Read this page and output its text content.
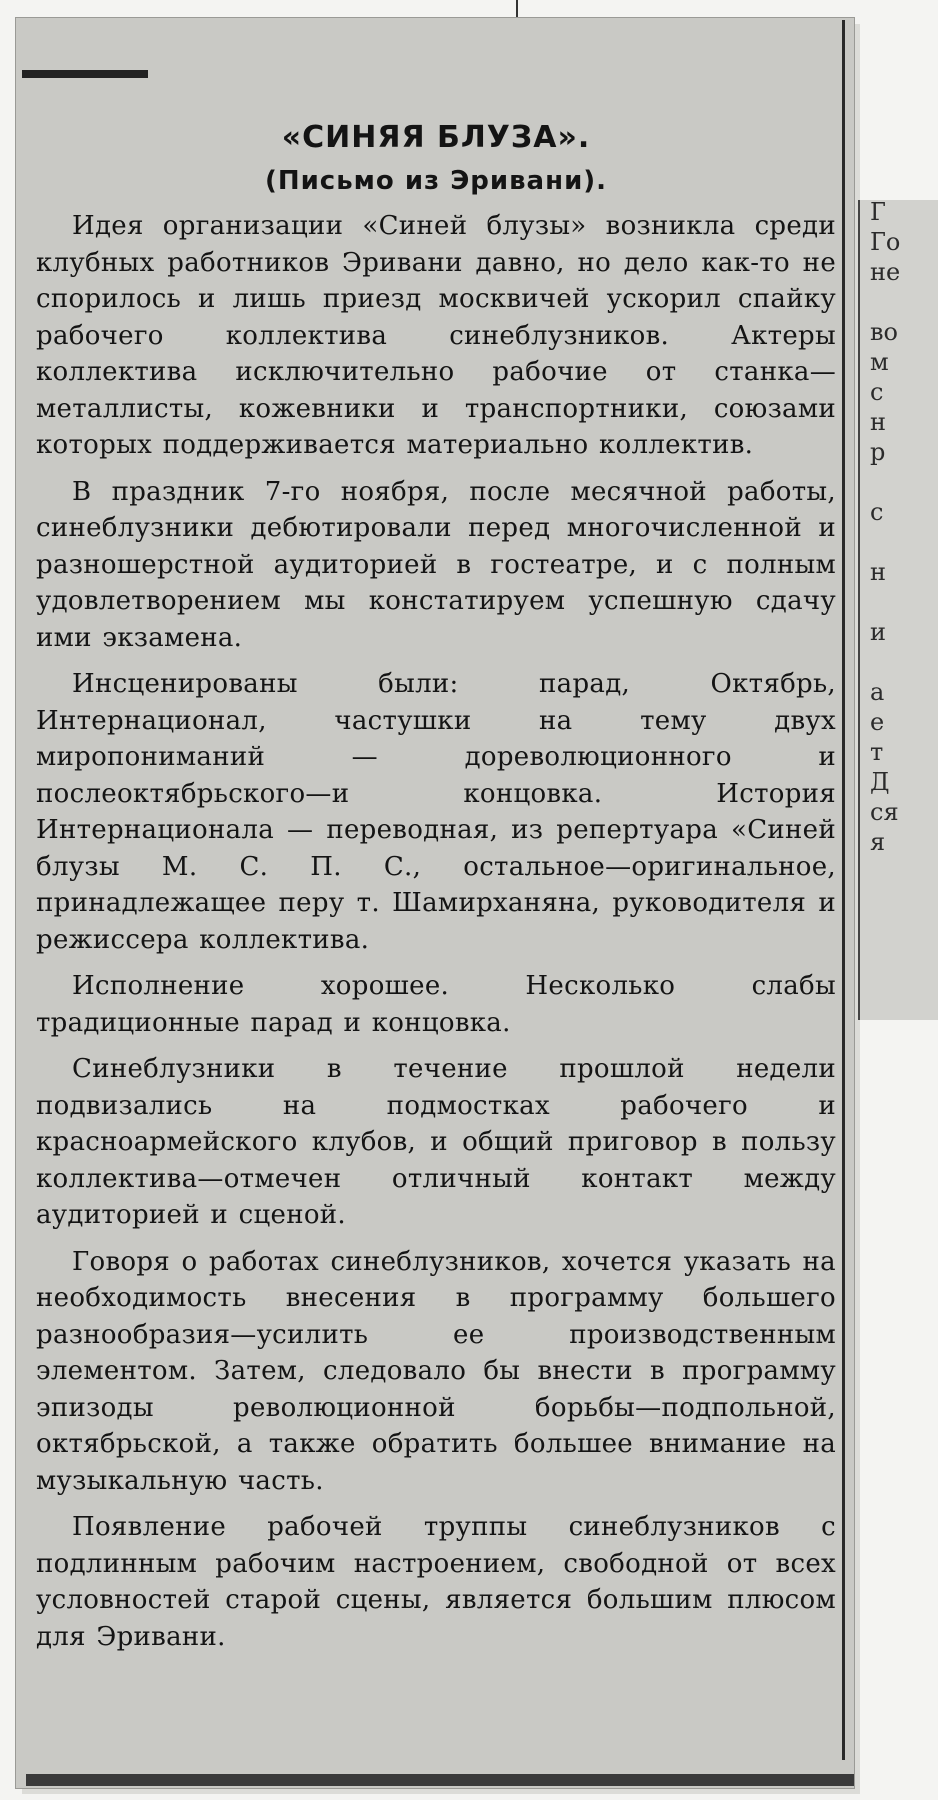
Г
Го
не
во
м
с
н
р
с
н
и
а
е
т
Д
ся
я
«СИНЯЯ БЛУЗА».
(Письмо из Эривани).

Идея организации «Синей блузы» возникла среди клубных работников Эривани давно, но дело как-то не спорилось и лишь приезд москвичей ускорил спайку рабочего коллектива синеблузников. Актеры коллектива исключительно рабочие от станка—металлисты, кожевники и транспортники, союзами которых поддерживается материально коллектив.

В праздник 7-го ноября, после месячной работы, синеблузники дебютировали перед многочисленной и разношерстной аудиторией в гостеатре, и с полным удовлетворением мы констатируем успешную сдачу ими экзамена.

Инсценированы были: парад, Октябрь, Интернационал, частушки на тему двух миропониманий — дореволюционного и послеоктябрьского—и концовка. История Интернационала — переводная, из репертуара «Синей блузы М. С. П. С., остальное—оригинальное, принадлежащее перу т. Шамирханяна, руководителя и режиссера коллектива.

Исполнение хорошее. Несколько слабы традиционные парад и концовка.

Синеблузники в течение прошлой недели подвизались на подмостках рабочего и красноармейского клубов, и общий приговор в пользу коллектива—отмечен отличный контакт между аудиторией и сценой.

Говоря о работах синеблузников, хочется указать на необходимость внесения в программу большего разнообразия—усилить ее производственным элементом. Затем, следовало бы внести в программу эпизоды революционной борьбы—подпольной, октябрьской, а также обратить большее внимание на музыкальную часть.

Появление рабочей труппы синеблузников с подлинным рабочим настроением, свободной от всех условностей старой сцены, является большим плюсом для Эривани.
